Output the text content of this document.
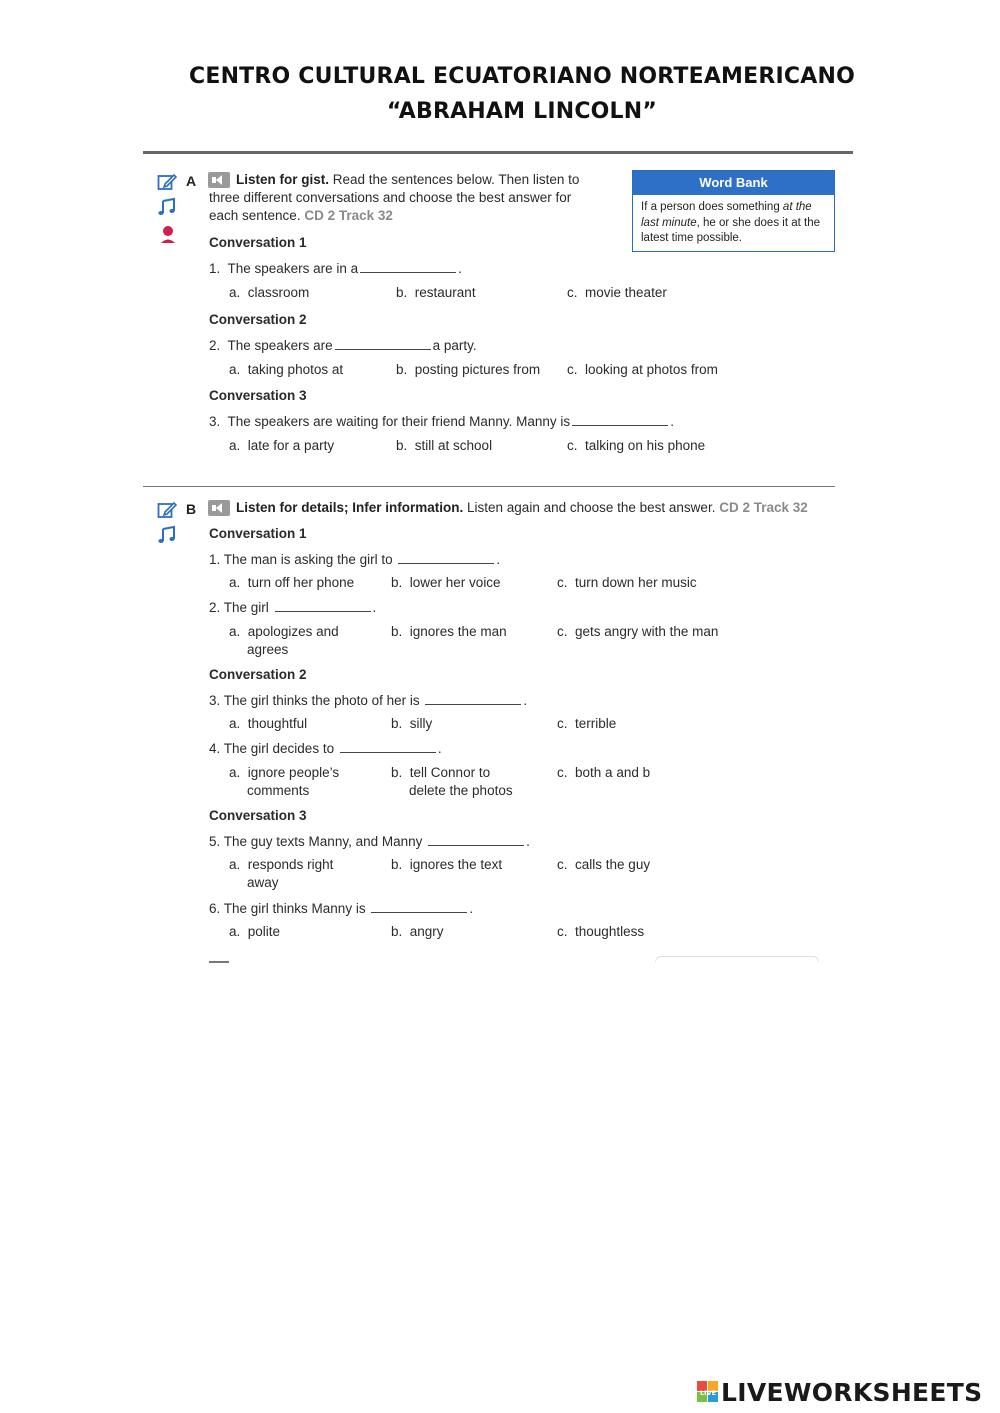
CENTRO CULTURAL ECUATORIANO NORTEAMERICANO
“ABRAHAM LINCOLN”
A	Listen for gist. Read the sentences below. Then listen to
three different conversations and choose the best answer for
each sentence. CD 2 Track 32
Word Bank
If a person does something at the last minute, he or she does it at the latest time possible.
Conversation 1
1. The speakers are in a	.
a. classroom	b. restaurant	c. movie theater
Conversation 2
2. The speakers are	a party.
a. taking photos at	b. posting pictures from c. looking at photos from
Conversation 3
3. The speakers are waiting for their friend Manny. Manny is	.
a. late for a party	b. still at school	c. talking on his phone
B	Listen for details; Infer information. Listen again and choose the best answer. CD 2 Track 32
Conversation 1
1. The man is asking the girl to	.
a. turn off her phone	b. lower her voice	c. turn down her music
2. The girl	.
a. apologizes and
agrees
b. ignores the man	c. gets angry with the man
Conversation 2
3. The girl thinks the photo of her is	.
a. thoughtful	b. silly	c. terrible
4. The girl decides to	.
a. ignore people’s
comments
b. tell Connor to
delete the photos
c. both a and b
Conversation 3
5. The guy texts Manny, and Manny	.
a. responds right
away
b. ignores the text	c. calls the guy
6. The girl thinks Manny is	.
a. polite	b. angry	c. thoughtless
LIVE LIVEWORKSHEETS
